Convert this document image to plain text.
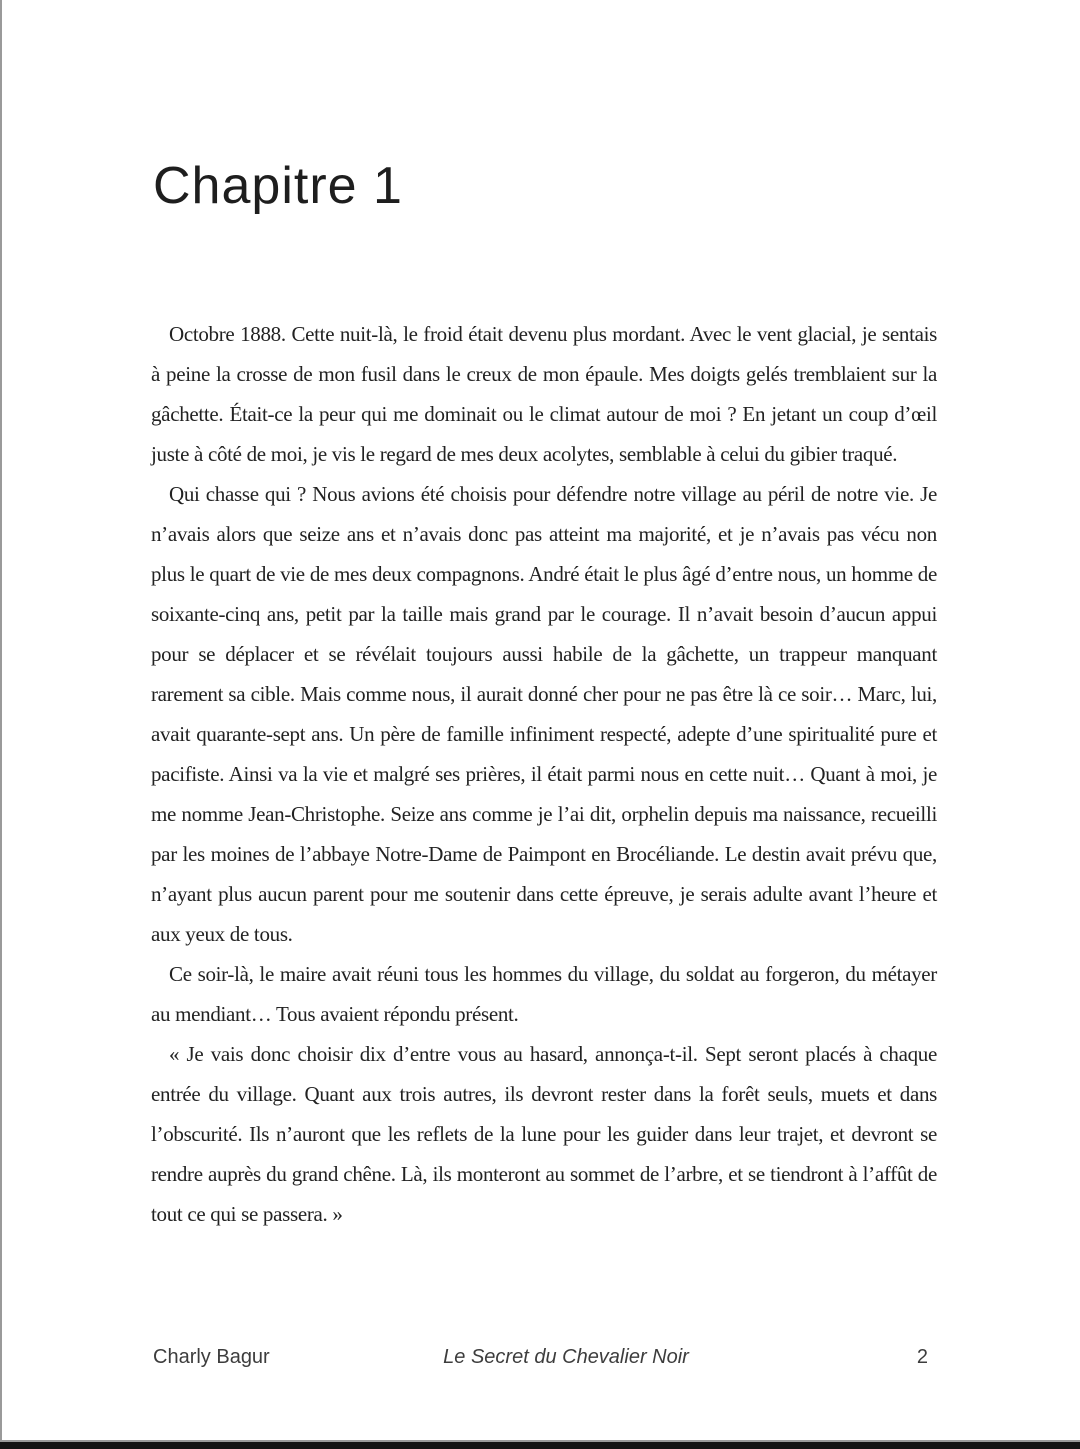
Chapitre 1

Octobre 1888. Cette nuit-là, le froid était devenu plus mordant. Avec le vent glacial, je sentais à peine la crosse de mon fusil dans le creux de mon épaule. Mes doigts gelés tremblaient sur la gâchette. Était-ce la peur qui me dominait ou le climat autour de moi ? En jetant un coup d’œil juste à côté de moi, je vis le regard de mes deux acolytes, semblable à celui du gibier traqué.

Qui chasse qui ? Nous avions été choisis pour défendre notre village au péril de notre vie. Je n’avais alors que seize ans et n’avais donc pas atteint ma majorité, et je n’avais pas vécu non plus le quart de vie de mes deux compagnons. André était le plus âgé d’entre nous, un homme de soixante-cinq ans, petit par la taille mais grand par le courage. Il n’avait besoin d’aucun appui pour se déplacer et se révélait toujours aussi habile de la gâchette, un trappeur manquant rarement sa cible. Mais comme nous, il aurait donné cher pour ne pas être là ce soir… Marc, lui, avait quarante-sept ans. Un père de famille infiniment respecté, adepte d’une spiritualité pure et pacifiste. Ainsi va la vie et malgré ses prières, il était parmi nous en cette nuit… Quant à moi, je me nomme Jean-Christophe. Seize ans comme je l’ai dit, orphelin depuis ma naissance, recueilli par les moines de l’abbaye Notre-Dame de Paimpont en Brocéliande. Le destin avait prévu que, n’ayant plus aucun parent pour me soutenir dans cette épreuve, je serais adulte avant l’heure et aux yeux de tous.

Ce soir-là, le maire avait réuni tous les hommes du village, du soldat au forgeron, du métayer au mendiant… Tous avaient répondu présent.

« Je vais donc choisir dix d’entre vous au hasard, annonça-t-il. Sept seront placés à chaque entrée du village. Quant aux trois autres, ils devront rester dans la forêt seuls, muets et dans l’obscurité. Ils n’auront que les reflets de la lune pour les guider dans leur trajet, et devront se rendre auprès du grand chêne. Là, ils monteront au sommet de l’arbre, et se tiendront à l’affût de tout ce qui se passera. »

Charly Bagur	Le Secret du Chevalier Noir	2
